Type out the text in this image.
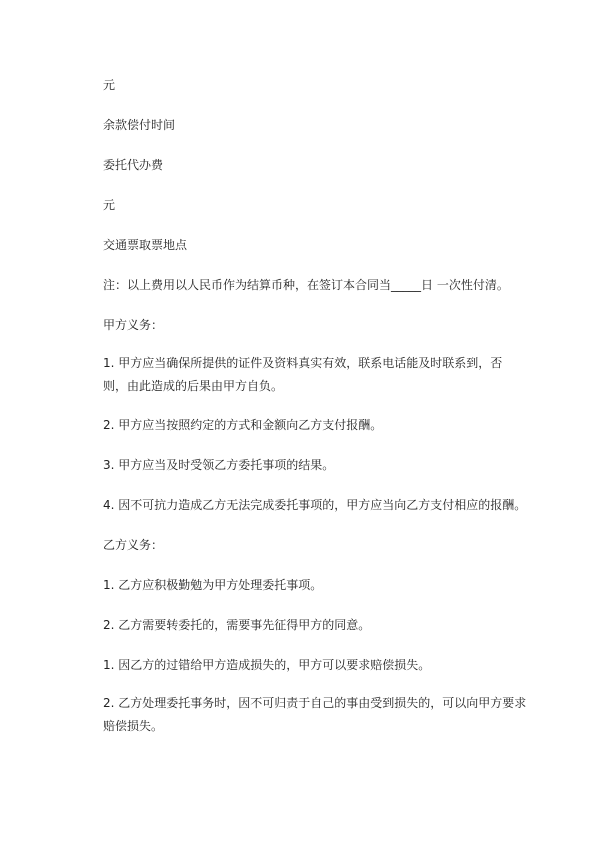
元
余款偿付时间
委托代办费
元
交通票取票地点
注：以上费用以人民币作为结算币种，在签订本合同当_____日 一次性付清。
甲方义务：
1. 甲方应当确保所提供的证件及资料真实有效，联系电话能及时联系到，否则，由此造成的后果由甲方自负。
2. 甲方应当按照约定的方式和金额向乙方支付报酬。
3. 甲方应当及时受领乙方委托事项的结果。
4. 因不可抗力造成乙方无法完成委托事项的，甲方应当向乙方支付相应的报酬。
乙方义务：
1. 乙方应积极勤勉为甲方处理委托事项。
2. 乙方需要转委托的，需要事先征得甲方的同意。
1. 因乙方的过错给甲方造成损失的，甲方可以要求赔偿损失。
2. 乙方处理委托事务时，因不可归责于自己的事由受到损失的，可以向甲方要求赔偿损失。
